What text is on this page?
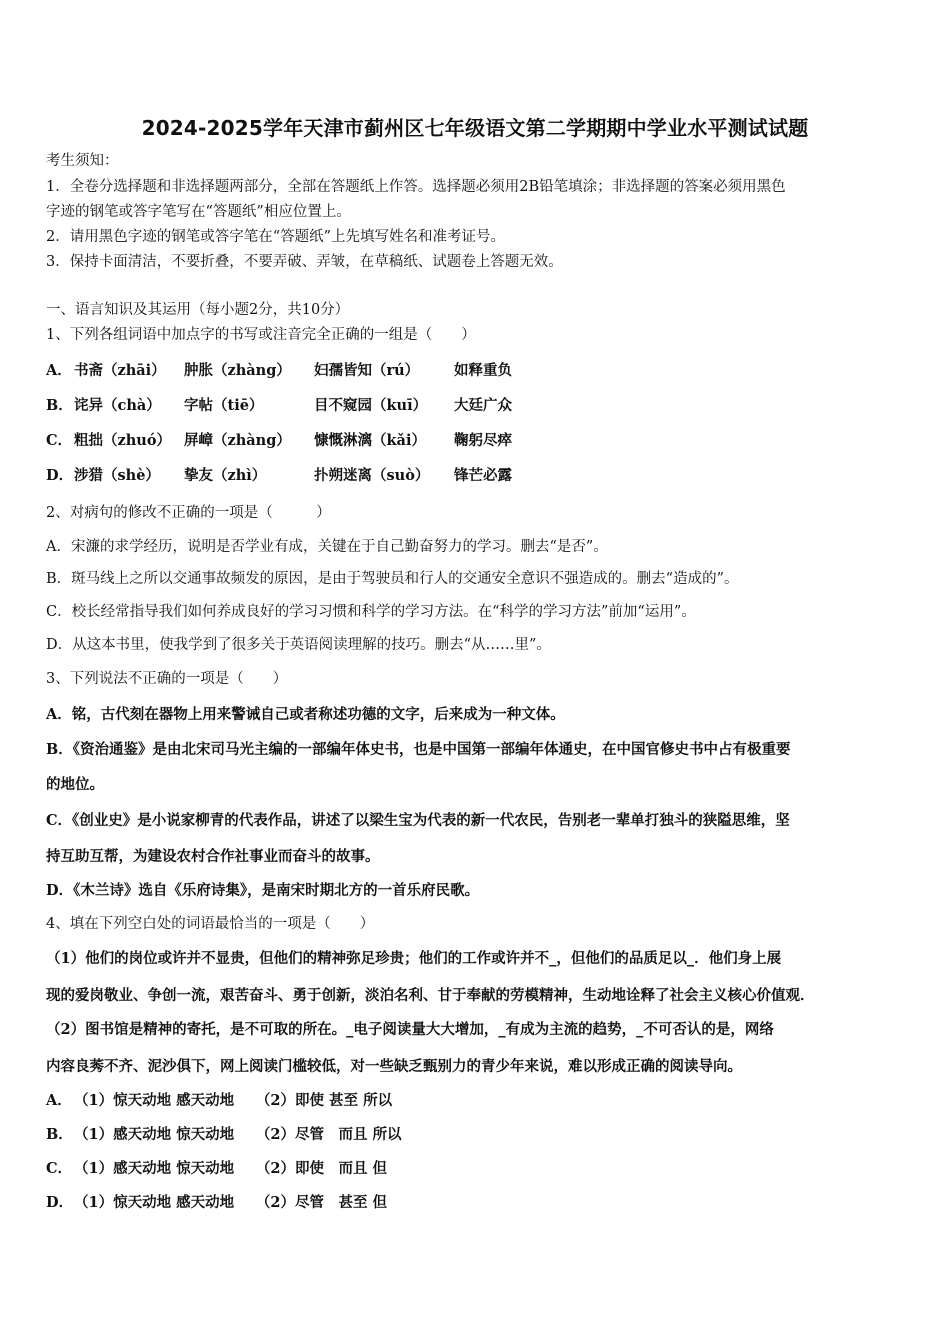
2024-2025学年天津市蓟州区七年级语文第二学期期中学业水平测试试题
考生须知：
1．全卷分选择题和非选择题两部分，全部在答题纸上作答。选择题必须用2B铅笔填涂；非选择题的答案必须用黑色
字迹的钢笔或答字笔写在“答题纸”相应位置上。
2．请用黑色字迹的钢笔或答字笔在“答题纸”上先填写姓名和准考证号。
3．保持卡面清洁，不要折叠，不要弄破、弄皱，在草稿纸、试题卷上答题无效。
一、语言知识及其运用（每小题2分，共10分）
1、下列各组词语中加点字的书写或注音完全正确的一组是（　　）
A． 书斋（zhāi） 肿胀（zhàng） 妇孺皆知（rú） 如释重负
B．诧异（chà） 字帖（tiē）	目不窥园（kuī） 大廷广众
C． 粗拙（zhuó） 屏嶂（zhàng） 慷慨淋漓（kǎi） 鞠躬尽瘁
D．涉猎（shè） 挚友（zhì）	扑朔迷离（suò） 锋芒必露
2、对病句的修改不正确的一项是（　　　）
A．宋濂的求学经历，说明是否学业有成，关键在于自己勤奋努力的学习。删去“是否”。
B．斑马线上之所以交通事故频发的原因，是由于驾驶员和行人的交通安全意识不强造成的。删去“造成的”。
C．校长经常指导我们如何养成良好的学习习惯和科学的学习方法。在“科学的学习方法”前加“运用”。
D．从这本书里，使我学到了很多关于英语阅读理解的技巧。删去“从……里”。
3、下列说法不正确的一项是（　　）
A．铭，古代刻在器物上用来警诫自己或者称述功德的文字，后来成为一种文体。
B．《资治通鉴》是由北宋司马光主编的一部编年体史书，也是中国第一部编年体通史，在中国官修史书中占有极重要
的地位。
C．《创业史》是小说家柳青的代表作品，讲述了以梁生宝为代表的新一代农民，告别老一辈单打独斗的狭隘思维，坚
持互助互帮，为建设农村合作社事业而奋斗的故事。
D．《木兰诗》选自《乐府诗集》，是南宋时期北方的一首乐府民歌。
4、填在下列空白处的词语最恰当的一项是（　　）
（1）他们的岗位或许并不显贵，但他们的精神弥足珍贵；他们的工作或许并不_，但他们的品质足以_．他们身上展
现的爱岗敬业、争创一流，艰苦奋斗、勇于创新，淡泊名利、甘于奉献的劳模精神，生动地诠释了社会主义核心价值观．
（2）图书馆是精神的寄托，是不可取的所在。_电子阅读量大大增加，_有成为主流的趋势，_不可否认的是，网络
内容良莠不齐、泥沙俱下，网上阅读门槛较低，对一些缺乏甄别力的青少年来说，难以形成正确的阅读导向。
A． （1）惊天动地 感天动地　　（2）即使 甚至 所以
B．（1）感天动地 惊天动地　　（2）尽管　而且 所以
C． （1）感天动地 惊天动地　　（2）即使　而且 但
D．（1）惊天动地 感天动地　　（2）尽管　甚至 但
